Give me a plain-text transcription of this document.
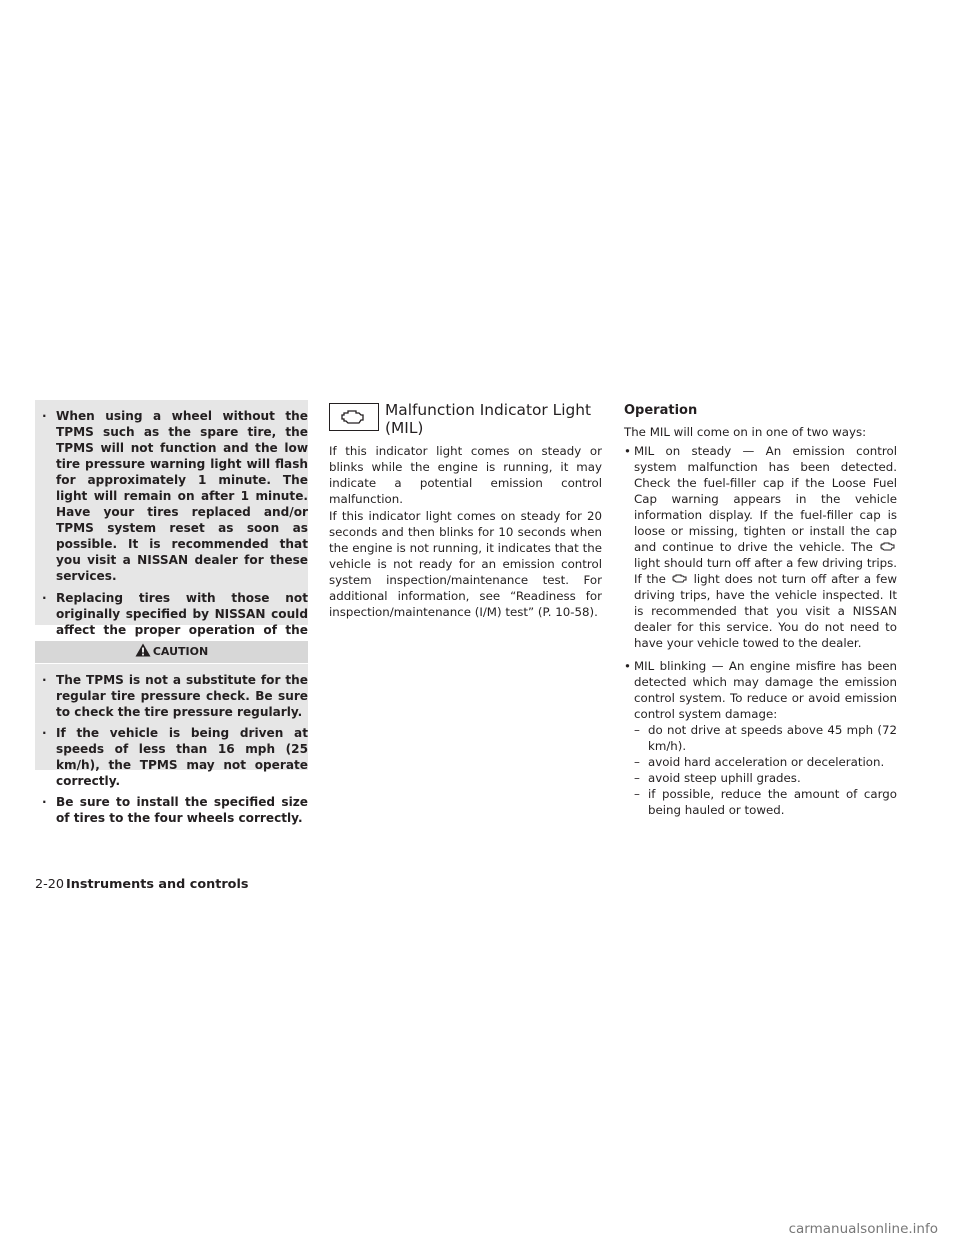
· When using a wheel without the TPMS such as the spare tire, the TPMS will not function and the low tire pressure warning light will flash for approximately 1 minute. The light will remain on after 1 minute. Have your tires replaced and/or TPMS system reset as soon as possible. It is recommended that you visit a NISSAN dealer for these services.
· Replacing tires with those not originally specified by NISSAN could affect the proper operation of the
CAUTION
· The TPMS is not a substitute for the regular tire pressure check. Be sure to check the tire pressure regularly.
· If the vehicle is being driven at speeds of less than 16 mph (25 km/h), the TPMS may not operate correctly.
· Be sure to install the specified size of tires to the four wheels correctly.
Malfunction Indicator Light
(MIL)

If this indicator light comes on steady or blinks while the engine is running, it may indicate a potential emission control malfunction.

If this indicator light comes on steady for 20 seconds and then blinks for 10 seconds when the engine is not running, it indicates that the vehicle is not ready for an emission control system inspection/maintenance test. For additional information, see “Readiness for inspection/maintenance (I/M) test” (P. 10-58).

Operation

The MIL will come on in one of two ways:

• MIL on steady — An emission control system malfunction has been detected. Check the fuel-filler cap if the Loose Fuel Cap warning appears in the vehicle information display. If the fuel-filler cap is loose or missing, tighten or install the cap and continue to drive the vehicle. The  light should turn off after a few driving trips. If the light does not turn off after a few driving trips, have the vehicle inspected. It is recommended that you visit a NISSAN dealer for this service. You do not need to have your vehicle towed to the dealer.
• MIL blinking — An engine misfire has been detected which may damage the emission control system. To reduce or avoid emission control system damage:
– do not drive at speeds above 45 mph (72 km/h).
– avoid hard acceleration or deceleration.
– avoid steep uphill grades.
– if possible, reduce the amount of cargo being hauled or towed.
2-20 Instruments and controls
carmanualsonline.info
